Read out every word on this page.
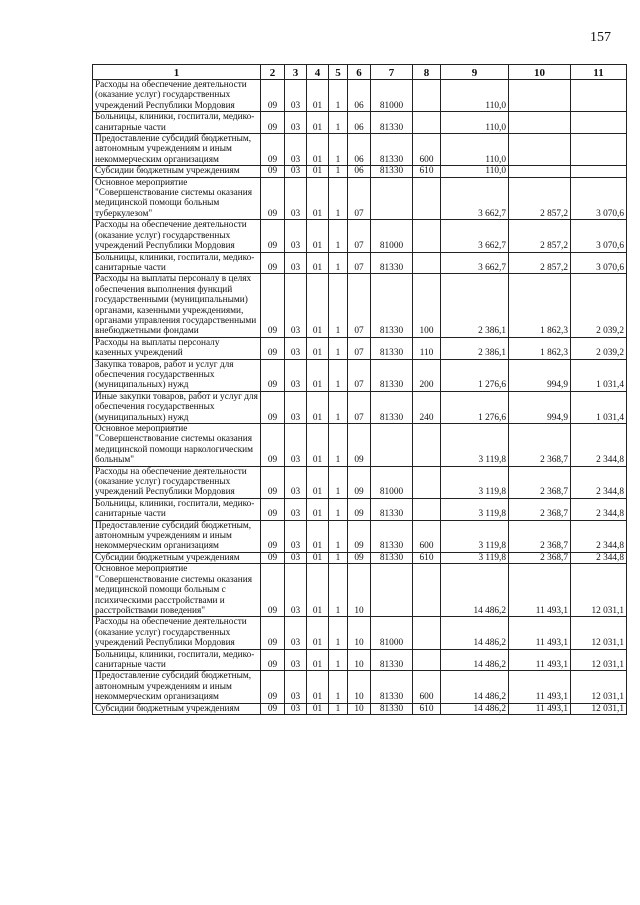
157
1	2	3	4	5	6	7	8	9	10	11
Расходы на обеспечение деятельности (оказание услуг) государственных учреждений Республики Мордовия	09	03	01	1	06	81000		110,0		
Больницы, клиники, госпитали, медико-санитарные части	09	03	01	1	06	81330		110,0		
Предоставление субсидий бюджетным, автономным учреждениям и иным некоммерческим организациям	09	03	01	1	06	81330	600	110,0		
Субсидии бюджетным учреждениям	09	03	01	1	06	81330	610	110,0		
Основное мероприятие "Совершенствование системы оказания медицинской помощи больным туберкулезом"	09	03	01	1	07			3 662,7	2 857,2	3 070,6
Расходы на обеспечение деятельности (оказание услуг) государственных учреждений Республики Мордовия	09	03	01	1	07	81000		3 662,7	2 857,2	3 070,6
Больницы, клиники, госпитали, медико-санитарные части	09	03	01	1	07	81330		3 662,7	2 857,2	3 070,6
Расходы на выплаты персоналу в целях обеспечения выполнения функций государственными (муниципальными) органами, казенными учреждениями, органами управления государственными внебюджетными фондами	09	03	01	1	07	81330	100	2 386,1	1 862,3	2 039,2
Расходы на выплаты персоналу казенных учреждений	09	03	01	1	07	81330	110	2 386,1	1 862,3	2 039,2
Закупка товаров, работ и услуг для обеспечения государственных (муниципальных) нужд	09	03	01	1	07	81330	200	1 276,6	994,9	1 031,4
Иные закупки товаров, работ и услуг для обеспечения государственных (муниципальных) нужд	09	03	01	1	07	81330	240	1 276,6	994,9	1 031,4
Основное мероприятие "Совершенствование системы оказания медицинской помощи наркологическим больным"	09	03	01	1	09			3 119,8	2 368,7	2 344,8
Расходы на обеспечение деятельности (оказание услуг) государственных учреждений Республики Мордовия	09	03	01	1	09	81000		3 119,8	2 368,7	2 344,8
Больницы, клиники, госпитали, медико-санитарные части	09	03	01	1	09	81330		3 119,8	2 368,7	2 344,8
Предоставление субсидий бюджетным, автономным учреждениям и иным некоммерческим организациям	09	03	01	1	09	81330	600	3 119,8	2 368,7	2 344,8
Субсидии бюджетным учреждениям	09	03	01	1	09	81330	610	3 119,8	2 368,7	2 344,8
Основное мероприятие "Совершенствование системы оказания медицинской помощи больным с психическими расстройствами и расстройствами поведения"	09	03	01	1	10			14 486,2	11 493,1	12 031,1
Расходы на обеспечение деятельности (оказание услуг) государственных учреждений Республики Мордовия	09	03	01	1	10	81000		14 486,2	11 493,1	12 031,1
Больницы, клиники, госпитали, медико-санитарные части	09	03	01	1	10	81330		14 486,2	11 493,1	12 031,1
Предоставление субсидий бюджетным, автономным учреждениям и иным некоммерческим организациям	09	03	01	1	10	81330	600	14 486,2	11 493,1	12 031,1
Субсидии бюджетным учреждениям	09	03	01	1	10	81330	610	14 486,2	11 493,1	12 031,1
